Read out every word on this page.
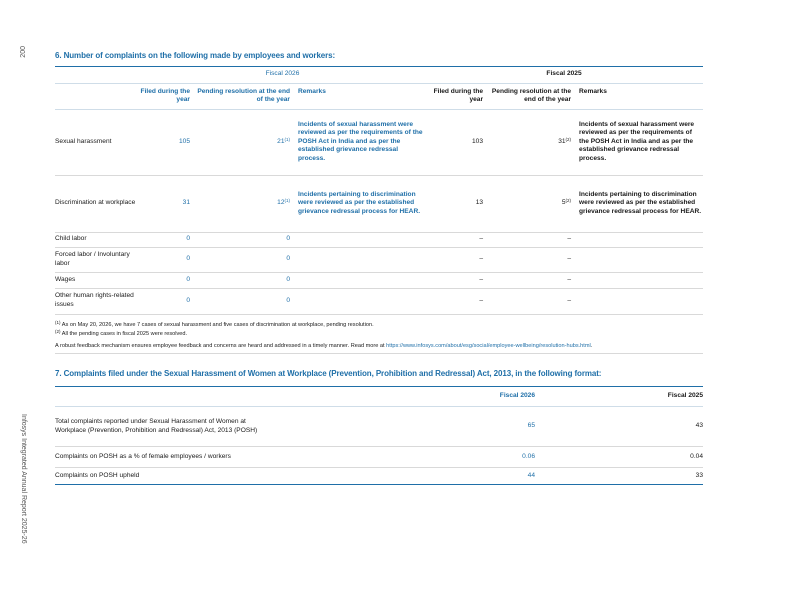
200
Infosys Integrated Annual Report 2025-26
6. Number of complaints on the following made by employees and workers:
	Fiscal 2026			Fiscal 2025		
	Filed during the year	Pending resolution at the end of the year	Remarks	Filed during the year	Pending resolution at the end of the year	Remarks
Sexual harassment	105	21$^{(1)}$	Incidents of sexual harassment were reviewed as per the requirements of the POSH Act in India and as per the established grievance redressal process.	103	31$^{(2)}$	Incidents of sexual harassment were reviewed as per the requirements of the POSH Act in India and as per the established grievance redressal process.
Discrimination at workplace	31	12$^{(1)}$	Incidents pertaining to discrimination were reviewed as per the established grievance redressal process for HEAR.	13	5$^{(2)}$	Incidents pertaining to discrimination were reviewed as per the established grievance redressal process for HEAR.
Child labor	0	0		–	–	
Forced labor / Involuntary labor	0	0		–	–	
Wages	0	0		–	–	
Other human rights-related issues	0	0		–	–	
$^{(1)}$ As on May 20, 2026, we have 7 cases of sexual harassment and five cases of discrimination at workplace, pending resolution.
$^{(2)}$ All the pending cases in fiscal 2025 were resolved.
A robust feedback mechanism ensures employee feedback and concerns are heard and addressed in a timely manner. Read more at https://www.infosys.com/about/esg/social/employee-wellbeing/resolution-hubs.html.
7. Complaints filed under the Sexual Harassment of Women at Workplace (Prevention, Prohibition and Redressal) Act, 2013, in the following format:
	Fiscal 2026	Fiscal 2025
Total complaints reported under Sexual Harassment of Women at Workplace (Prevention, Prohibition and Redressal) Act, 2013 (POSH)	65	43
Complaints on POSH as a % of female employees / workers	0.06	0.04
Complaints on POSH upheld	44	33
